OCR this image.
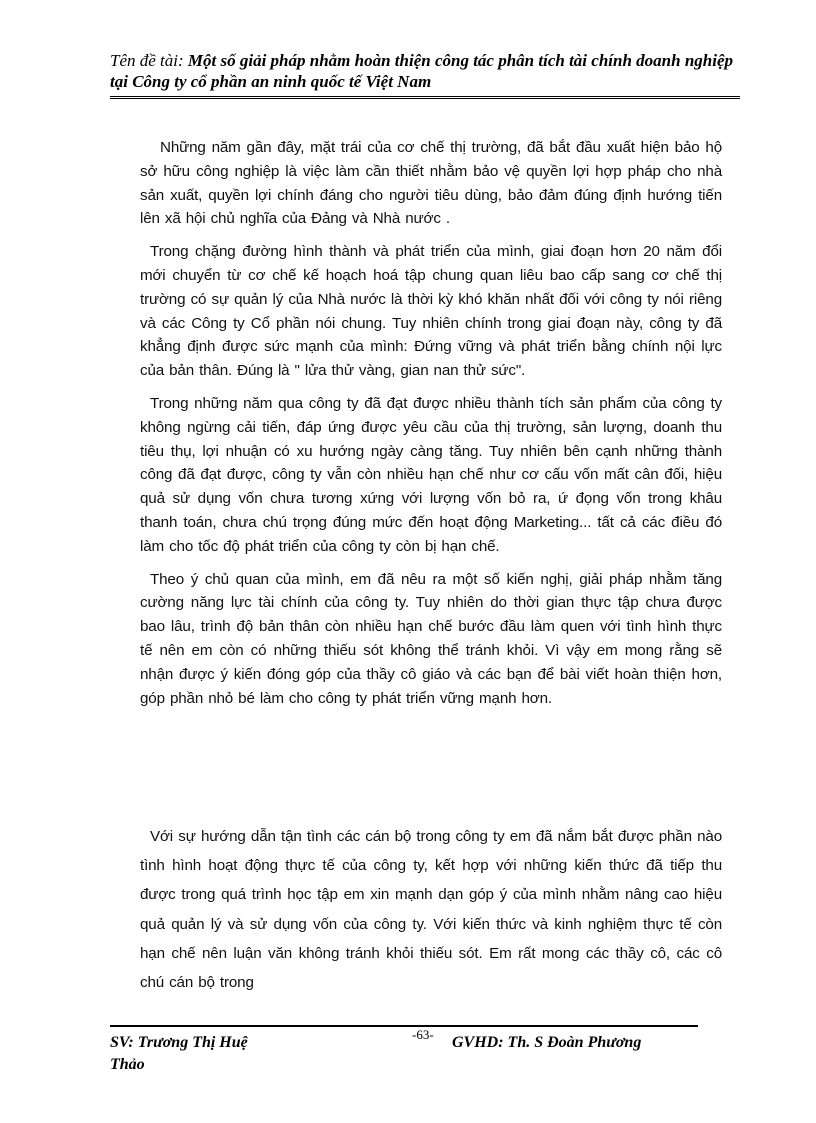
Tên đề tài: Một số giải pháp nhằm hoàn thiện công tác phân tích tài chính doanh nghiệp tại Công ty cổ phần an ninh quốc tế Việt Nam

Những năm gần đây, mặt trái của cơ chế thị trường, đã bắt đầu xuất hiện bảo hộ sở hữu công nghiệp là việc làm cần thiết nhằm bảo vệ quyền lợi hợp pháp cho nhà sản xuất, quyền lợi chính đáng cho người tiêu dùng, bảo đảm đúng định hướng tiến lên xã hội chủ nghĩa của Đảng và Nhà nước .

Trong chặng đường hình thành và phát triển của mình, giai đoạn hơn 20 năm đổi mới chuyển từ cơ chế kế hoạch hoá tập chung quan liêu bao cấp sang cơ chế thị trường có sự quản lý của Nhà nước là thời kỳ khó khăn nhất đối với công ty nói riêng và các Công ty Cổ phần nói chung. Tuy nhiên chính trong giai đoạn này, công ty đã khẳng định được sức mạnh của mình: Đứng vững và phát triển bằng chính nội lực của bản thân. Đúng là " lửa thử vàng, gian nan thử sức".

Trong những năm qua công ty đã đạt được nhiều thành tích sản phẩm của công ty không ngừng cải tiến, đáp ứng được yêu cầu của thị trường, sản lượng, doanh thu tiêu thụ, lợi nhuận có xu hướng ngày càng tăng. Tuy nhiên bên cạnh những thành công đã đạt được, công ty vẫn còn nhiều hạn chế như cơ cấu vốn mất cân đối, hiệu quả sử dụng vốn chưa tương xứng với lượng vốn bỏ ra, ứ đọng vốn trong khâu thanh toán, chưa chú trọng đúng mức đến hoạt động Marketing... tất cả các điều đó làm cho tốc độ phát triển của công ty còn bị hạn chế.

Theo ý chủ quan của mình, em đã nêu ra một số kiến nghị, giải pháp nhằm tăng cường năng lực tài chính của công ty. Tuy nhiên do thời gian thực tập chưa được bao lâu, trình độ bản thân còn nhiều hạn chế bước đầu làm quen với tình hình thực tế nên em còn có những thiếu sót không thể tránh khỏi. Vì vậy em mong rằng sẽ nhận được ý kiến đóng góp của thầy cô giáo và các bạn để bài viết hoàn thiện hơn, góp phần nhỏ bé làm cho công ty phát triển vững mạnh hơn.

Với sự hướng dẫn tận tình các cán bộ trong công ty em đã nắm bắt được phần nào tình hình hoạt động thực tế của công ty, kết hợp với những kiến thức đã tiếp thu được trong quá trình học tập em xin mạnh dạn góp ý của mình nhằm nâng cao hiệu quả quản lý và sử dụng vốn của công ty. Với kiến thức và kinh nghiệm thực tế còn hạn chế nên luận văn không tránh khỏi thiếu sót. Em rất mong các thầy cô, các cô chú cán bộ trong

SV: Trương Thị Huệ Thảo
-63- GVHD: Th. S Đoàn Phương
